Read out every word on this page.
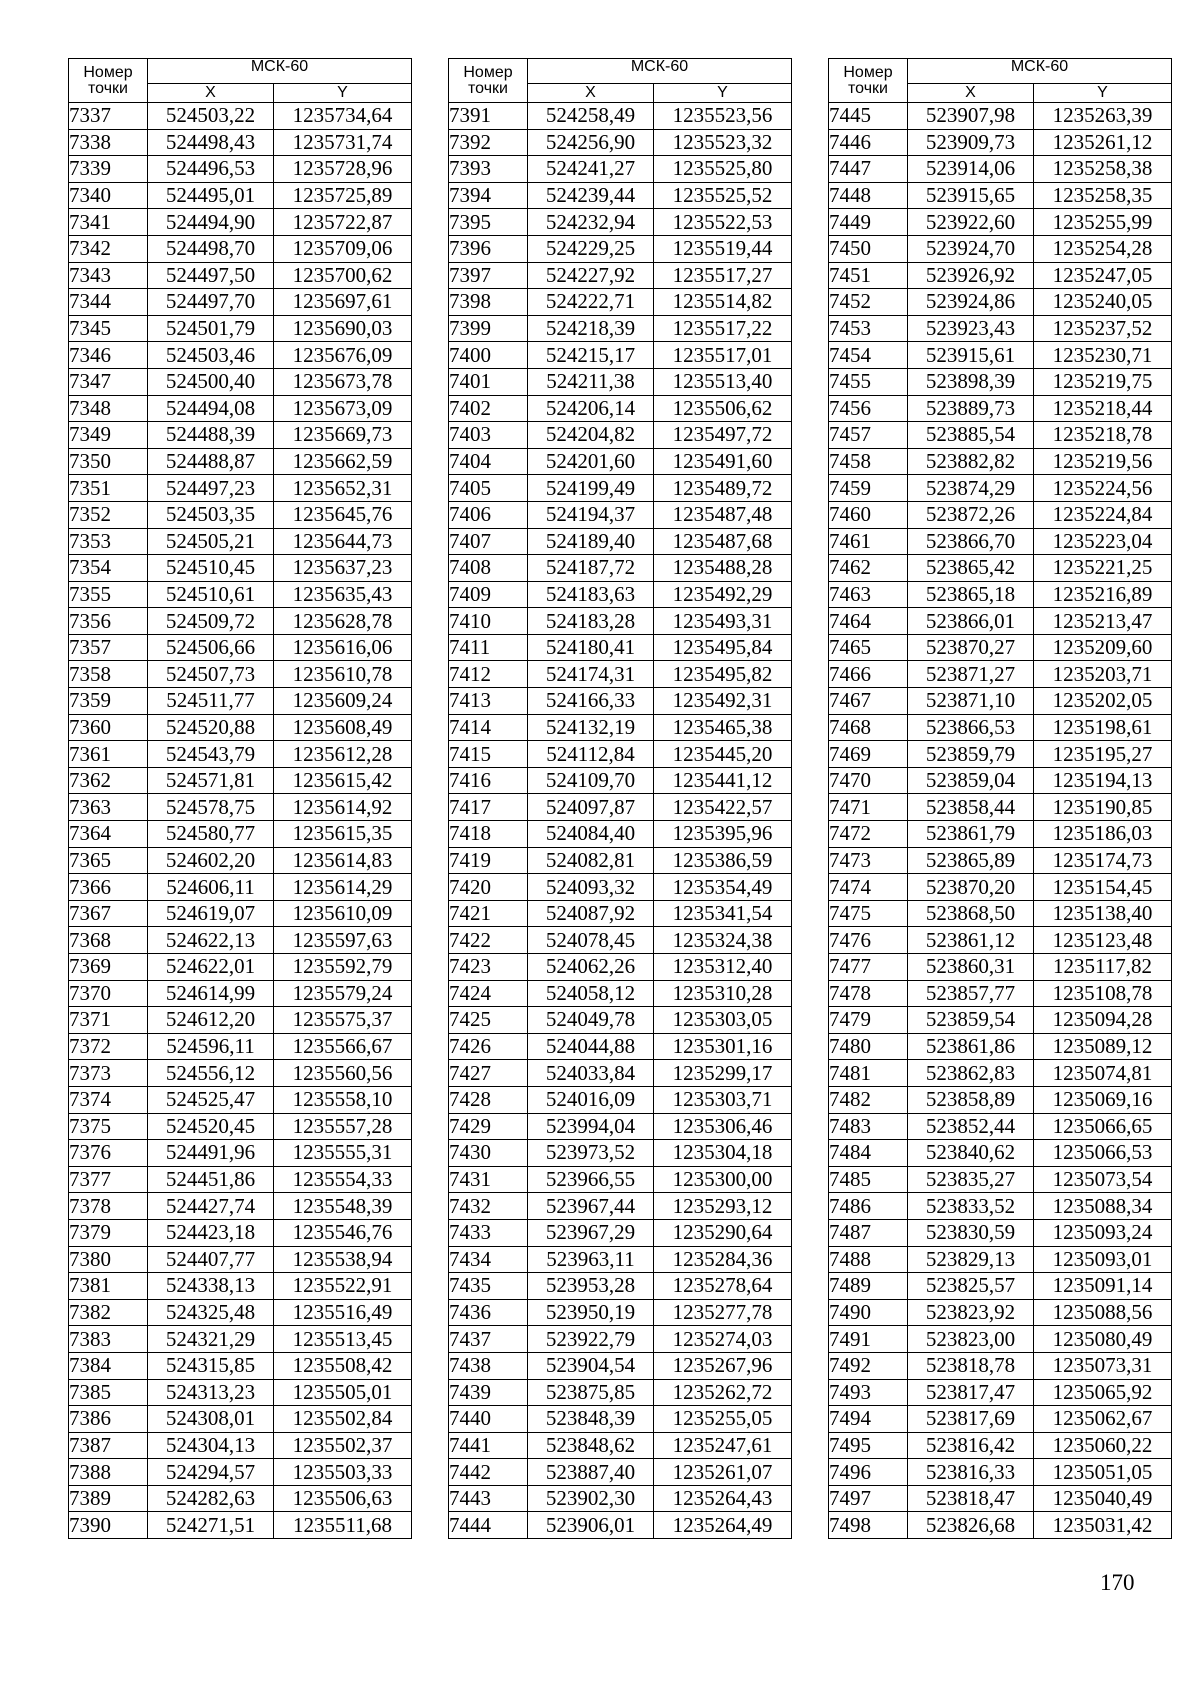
Номер
точки	МСК-60	
	X	Y
7337	524503,22	1235734,64
7338	524498,43	1235731,74
7339	524496,53	1235728,96
7340	524495,01	1235725,89
7341	524494,90	1235722,87
7342	524498,70	1235709,06
7343	524497,50	1235700,62
7344	524497,70	1235697,61
7345	524501,79	1235690,03
7346	524503,46	1235676,09
7347	524500,40	1235673,78
7348	524494,08	1235673,09
7349	524488,39	1235669,73
7350	524488,87	1235662,59
7351	524497,23	1235652,31
7352	524503,35	1235645,76
7353	524505,21	1235644,73
7354	524510,45	1235637,23
7355	524510,61	1235635,43
7356	524509,72	1235628,78
7357	524506,66	1235616,06
7358	524507,73	1235610,78
7359	524511,77	1235609,24
7360	524520,88	1235608,49
7361	524543,79	1235612,28
7362	524571,81	1235615,42
7363	524578,75	1235614,92
7364	524580,77	1235615,35
7365	524602,20	1235614,83
7366	524606,11	1235614,29
7367	524619,07	1235610,09
7368	524622,13	1235597,63
7369	524622,01	1235592,79
7370	524614,99	1235579,24
7371	524612,20	1235575,37
7372	524596,11	1235566,67
7373	524556,12	1235560,56
7374	524525,47	1235558,10
7375	524520,45	1235557,28
7376	524491,96	1235555,31
7377	524451,86	1235554,33
7378	524427,74	1235548,39
7379	524423,18	1235546,76
7380	524407,77	1235538,94
7381	524338,13	1235522,91
7382	524325,48	1235516,49
7383	524321,29	1235513,45
7384	524315,85	1235508,42
7385	524313,23	1235505,01
7386	524308,01	1235502,84
7387	524304,13	1235502,37
7388	524294,57	1235503,33
7389	524282,63	1235506,63
7390	524271,51	1235511,68
Номер
точки	МСК-60	
	X	Y
7391	524258,49	1235523,56
7392	524256,90	1235523,32
7393	524241,27	1235525,80
7394	524239,44	1235525,52
7395	524232,94	1235522,53
7396	524229,25	1235519,44
7397	524227,92	1235517,27
7398	524222,71	1235514,82
7399	524218,39	1235517,22
7400	524215,17	1235517,01
7401	524211,38	1235513,40
7402	524206,14	1235506,62
7403	524204,82	1235497,72
7404	524201,60	1235491,60
7405	524199,49	1235489,72
7406	524194,37	1235487,48
7407	524189,40	1235487,68
7408	524187,72	1235488,28
7409	524183,63	1235492,29
7410	524183,28	1235493,31
7411	524180,41	1235495,84
7412	524174,31	1235495,82
7413	524166,33	1235492,31
7414	524132,19	1235465,38
7415	524112,84	1235445,20
7416	524109,70	1235441,12
7417	524097,87	1235422,57
7418	524084,40	1235395,96
7419	524082,81	1235386,59
7420	524093,32	1235354,49
7421	524087,92	1235341,54
7422	524078,45	1235324,38
7423	524062,26	1235312,40
7424	524058,12	1235310,28
7425	524049,78	1235303,05
7426	524044,88	1235301,16
7427	524033,84	1235299,17
7428	524016,09	1235303,71
7429	523994,04	1235306,46
7430	523973,52	1235304,18
7431	523966,55	1235300,00
7432	523967,44	1235293,12
7433	523967,29	1235290,64
7434	523963,11	1235284,36
7435	523953,28	1235278,64
7436	523950,19	1235277,78
7437	523922,79	1235274,03
7438	523904,54	1235267,96
7439	523875,85	1235262,72
7440	523848,39	1235255,05
7441	523848,62	1235247,61
7442	523887,40	1235261,07
7443	523902,30	1235264,43
7444	523906,01	1235264,49
Номер
точки	МСК-60	
	X	Y
7445	523907,98	1235263,39
7446	523909,73	1235261,12
7447	523914,06	1235258,38
7448	523915,65	1235258,35
7449	523922,60	1235255,99
7450	523924,70	1235254,28
7451	523926,92	1235247,05
7452	523924,86	1235240,05
7453	523923,43	1235237,52
7454	523915,61	1235230,71
7455	523898,39	1235219,75
7456	523889,73	1235218,44
7457	523885,54	1235218,78
7458	523882,82	1235219,56
7459	523874,29	1235224,56
7460	523872,26	1235224,84
7461	523866,70	1235223,04
7462	523865,42	1235221,25
7463	523865,18	1235216,89
7464	523866,01	1235213,47
7465	523870,27	1235209,60
7466	523871,27	1235203,71
7467	523871,10	1235202,05
7468	523866,53	1235198,61
7469	523859,79	1235195,27
7470	523859,04	1235194,13
7471	523858,44	1235190,85
7472	523861,79	1235186,03
7473	523865,89	1235174,73
7474	523870,20	1235154,45
7475	523868,50	1235138,40
7476	523861,12	1235123,48
7477	523860,31	1235117,82
7478	523857,77	1235108,78
7479	523859,54	1235094,28
7480	523861,86	1235089,12
7481	523862,83	1235074,81
7482	523858,89	1235069,16
7483	523852,44	1235066,65
7484	523840,62	1235066,53
7485	523835,27	1235073,54
7486	523833,52	1235088,34
7487	523830,59	1235093,24
7488	523829,13	1235093,01
7489	523825,57	1235091,14
7490	523823,92	1235088,56
7491	523823,00	1235080,49
7492	523818,78	1235073,31
7493	523817,47	1235065,92
7494	523817,69	1235062,67
7495	523816,42	1235060,22
7496	523816,33	1235051,05
7497	523818,47	1235040,49
7498	523826,68	1235031,42
170
